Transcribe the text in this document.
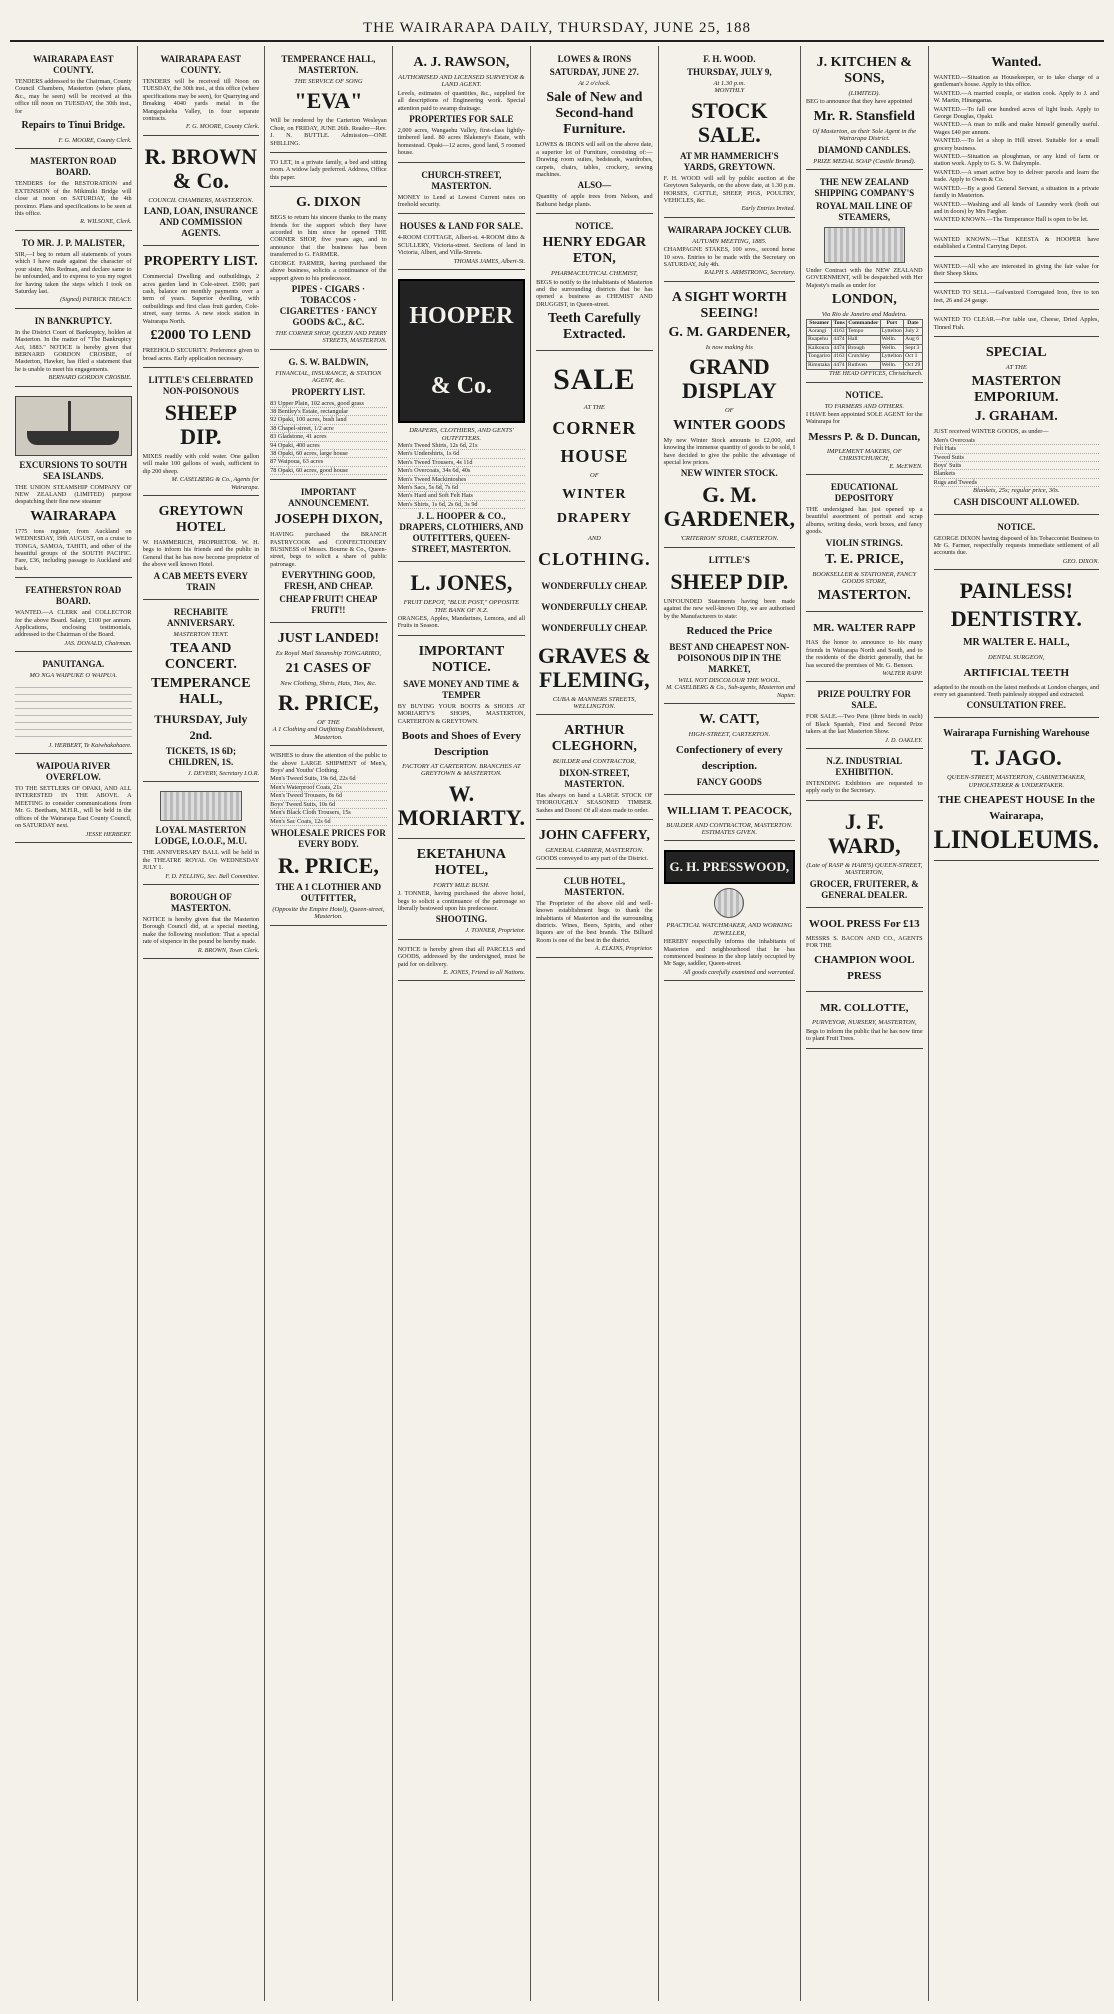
THE WAIRARAPA DAILY, THURSDAY, JUNE 25, 188
WAIRARAPA EAST COUNTY.
TENDERS addressed to the Chairman, County Council Chambers, Masterton (where plans, &c., may be seen) will be received at this office till noon on TUESDAY, the 30th inst., for
Repairs to Tinui Bridge.
F. G. MOORE, County Clerk.
MASTERTON ROAD BOARD.
TENDERS for the RESTORATION and EXTENSION of the Mikimiki Bridge will close at noon on SATURDAY, the 4th proximo. Plans and specifications to be seen at this office.
R. WILSONE, Clerk.
TO MR. J. P. MALISTER,
SIR,—I beg to return all statements of yours which I have made against the character of your sister, Mrs Redman, and declare same to be unfounded, and to express to you my regret for having taken the steps which I took on Saturday last.
(Signed) PATRICK TREACY.
IN BANKRUPTCY.
In the District Court of Bankruptcy, holden at Masterton. In the matter of "The Bankruptcy Act, 1883." NOTICE is hereby given that BERNARD GORDON CROSBIE, of Masterton, Hawker, has filed a statement that he is unable to meet his engagements.
BERNARD GORDON CROSBIE.
EXCURSIONS TO SOUTH SEA ISLANDS.
THE UNION STEAMSHIP COMPANY OF NEW ZEALAND (LIMITED) purpose despatching their fine new steamer
WAIRARAPA
1775 tons register, from Auckland on WEDNESDAY, 19th AUGUST, on a cruise to TONGA, SAMOA, TAHITI, and other of the beautiful groups of the SOUTH PACIFIC. Fare, £36, including passage to Auckland and back.
FEATHERSTON ROAD BOARD.
WANTED.—A CLERK and COLLECTOR for the above Board. Salary, £100 per annum. Applications, enclosing testimonials, addressed to the Chairman of the Board.
JAS. DONALD, Chairman.
PANUITANGA.
MO NGA WAIPUKE O WAIPUA.
J. HERBERT, Te Kaiwhakahaere.
WAIPOUA RIVER OVERFLOW.
TO THE SETTLERS OF OPAKI, AND ALL INTERESTED IN THE ABOVE. A MEETING to consider communications from Mr. G. Beetham, M.H.R., will be held in the offices of the Wairarapa East County Council, on SATURDAY next.
JESSE HERBERT.
WAIRARAPA EAST COUNTY.
TENDERS will be received till Noon on TUESDAY, the 30th inst., at this office (where specifications may be seen), for Quarrying and Breaking 4040 yards metal in the Mangapakeha Valley, in four separate contracts.
F. G. MOORE, County Clerk.
R. BROWN & Co.
COUNCIL CHAMBERS, MASTERTON.
LAND, LOAN, INSURANCE AND COMMISSION AGENTS.
PROPERTY LIST.
Commercial Dwelling and outbuildings, 2 acres garden land in Cole-street. £500; part cash, balance on monthly payments over a term of years. Superior dwelling, with outbuildings and first class fruit garden, Cole-street, easy terms. A new stock station in Wairarapa North.
£2000 TO LEND
FREEHOLD SECURITY. Preference given to broad acres. Early application necessary.
LITTLE'S CELEBRATED NON-POISONOUS
SHEEP DIP.
MIXES readily with cold water. One gallon will make 100 gallons of wash, sufficient to dip 200 sheep.
M. CASELBERG & Co., Agents for Wairarapa.
GREYTOWN HOTEL
W. HAMMERICH, PROPRIETOR. W. H. begs to inform his friends and the public in General that he has now become proprietor of the above well known Hotel.
A CAB MEETS EVERY TRAIN
RECHABITE ANNIVERSARY.
MASTERTON TENT.
TEA AND CONCERT.
TEMPERANCE HALL,
THURSDAY, July 2nd.
TICKETS, 1S 6D; CHILDREN, 1S.
J. DEVERY, Secretary I.O.R.
LOYAL MASTERTON LODGE, I.O.O.F., M.U.
THE ANNIVERSARY BALL will be held in the THEATRE ROYAL On WEDNESDAY JULY 1.
F. D. FELLING, Sec. Ball Committee.
BOROUGH OF MASTERTON.
NOTICE is hereby given that the Masterton Borough Council did, at a special meeting, make the following resolution: That a special rate of sixpence in the pound be hereby made.
R. BROWN, Town Clerk.
TEMPERANCE HALL, MASTERTON.
THE SERVICE OF SONG
"EVA"
Will be rendered by the Carterton Wesleyan Choir, on FRIDAY, JUNE 26th. Reader—Rev. J. N. BUTTLE. Admission—ONE SHILLING.
TO LET, in a private family, a bed and sitting room. A widow lady preferred. Address, Office this paper.
G. DIXON
BEGS to return his sincere thanks to the many friends for the support which they have accorded to him since he opened THE CORNER SHOP, five years ago, and to announce that the business has been transferred to G. FARMER.
GEORGE FARMER, having purchased the above business, solicits a continuance of the support given to his predecessor.
PIPES · CIGARS · TOBACCOS · CIGARETTES · FANCY GOODS &C., &C.
THE CORNER SHOP, QUEEN AND PERRY STREETS, MASTERTON.
G. S. W. BALDWIN,
FINANCIAL, INSURANCE, & STATION AGENT, &c.
PROPERTY LIST.
83 Upper Plain, 102 acres, good grass
38 Bentley's Estate, rectangular
92 Opaki, 100 acres, bush land
38 Chapel-street, 1/2 acre
83 Gladstone, 41 acres
94 Opaki, 400 acres
38 Opaki, 60 acres, large house
87 Waipoua, 63 acres
78 Opaki, 60 acres, good house
IMPORTANT ANNOUNCEMENT.
JOSEPH DIXON,
HAVING purchased the BRANCH PASTRYCOOK and CONFECTIONERY BUSINESS of Messrs. Bourne & Co., Queen-street, begs to solicit a share of public patronage.
EVERYTHING GOOD, FRESH, AND CHEAP.
CHEAP FRUIT! CHEAP FRUIT!!
JUST LANDED!
Ex Royal Mail Steamship TONGARIRO,
21 CASES OF
New Clothing, Shirts, Hats, Ties, &c.
R. PRICE,
OF THE
A 1 Clothing and Outfitting Establishment, Masterton.
WISHES to draw the attention of the public to the above LARGE SHIPMENT of Men's, Boys' and Youths' Clothing.
Men's Tweed Suits, 19s 6d, 22s 6d
Men's Waterproof Coats, 21s
Men's Tweed Trousers, 8s 6d
Boys' Tweed Suits, 10s 6d
Men's Black Cloth Trousers, 15s
Men's Sac Coats, 12s 6d
WHOLESALE PRICES FOR EVERY BODY.
R. PRICE,
THE A 1 CLOTHIER AND OUTFITTER,
(Opposite the Empire Hotel), Queen-street, Masterton.
A. J. RAWSON,
AUTHORISED AND LICENSED SURVEYOR & LAND AGENT.
Levels, estimates of quantities, &c., supplied for all descriptions of Engineering work. Special attention paid to swamp drainage.
PROPERTIES FOR SALE
2,000 acres, Wangaehu Valley, first-class lightly-timbered land. 80 acres Blakeney's Estate, with homestead. Opaki—12 acres, good land, 5 roomed house.
CHURCH-STREET, MASTERTON.
MONEY to Lend at Lowest Current rates on freehold security.
HOUSES & LAND FOR SALE.
4-ROOM COTTAGE, Albert-st. 4-ROOM ditto & SCULLERY, Victoria-street. Sections of land in Victoria, Albert, and Villa-Streets.
THOMAS JAMES, Albert-St.
HOOPER & Co.
DRAPERS, CLOTHIERS, AND GENTS' OUTFITTERS.
Men's Tweed Shirts, 12s 6d, 21s
Men's Undershirts, 1s 6d
Men's Tweed Trousers, 4s 11d
Men's Overcoats, 34s 6d, 40s
Men's Tweed Mackintoshes
Men's Sacs, 5s 6d, 7s 6d
Men's Hard and Soft Felt Hats
Men's Shirts, 1s 6d, 2s 6d, 3s 9d
J. L. HOOPER & CO., DRAPERS, CLOTHIERS, AND OUTFITTERS, QUEEN-STREET, MASTERTON.
L. JONES,
FRUIT DEPOT, "BLUE POST," OPPOSITE THE BANK OF N.Z.
ORANGES, Apples, Mandarines, Lemons, and all Fruits in Season.
IMPORTANT NOTICE.
SAVE MONEY AND TIME & TEMPER
BY BUYING YOUR BOOTS & SHOES AT MORIARTY'S SHOPS, MASTERTON, CARTERTON & GREYTOWN.
Boots and Shoes of Every Description
FACTORY AT CARTERTON. BRANCHES AT GREYTOWN & MASTERTON.
W. MORIARTY.
EKETAHUNA HOTEL,
FORTY MILE BUSH.
J. TONNER, having purchased the above hotel, begs to solicit a continuance of the patronage so liberally bestowed upon his predecessor.
SHOOTING.
J. TONNER, Proprietor.
NOTICE is hereby given that all PARCELS and GOODS, addressed by the undersigned, must be paid for on delivery.
E. JONES, Friend to all Nations.
LOWES & IRONS
SATURDAY, JUNE 27.
At 2 o'clock.
Sale of New and Second-hand Furniture.
LOWES & IRONS will sell on the above date, a superior lot of Furniture, consisting of:— Drawing room suites, bedsteads, wardrobes, carpets, chairs, tables, crockery, sewing machines.
ALSO—
Quantity of apple trees from Nelson, and Bathurst hedge plants.
NOTICE.
HENRY EDGAR ETON,
PHARMACEUTICAL CHEMIST,
BEGS to notify to the inhabitants of Masterton and the surrounding districts that he has opened a business as CHEMIST AND DRUGGIST, in Queen-street.
Teeth Carefully Extracted.
SALE
AT THE
CORNER
HOUSE
OF
WINTER DRAPERY
AND
CLOTHING.
WONDERFULLY CHEAP.
WONDERFULLY CHEAP.
WONDERFULLY CHEAP.
GRAVES & FLEMING,
CUBA & MANNERS STREETS, WELLINGTON.
ARTHUR CLEGHORN,
BUILDER and CONTRACTOR,
DIXON-STREET, MASTERTON.
Has always on hand a LARGE STOCK OF THOROUGHLY SEASONED TIMBER. Sashes and Doors! Of all sizes made to order.
JOHN CAFFERY,
GENERAL CARRIER, MASTERTON.
GOODS conveyed to any part of the District.
CLUB HOTEL, MASTERTON.
The Proprietor of the above old and well-known establishment begs to thank the inhabitants of Masterton and the surrounding districts. Wines, Beers, Spirits, and other liquors are of the best brands. The Billiard Room is one of the best in the district.
A. ELKINS, Proprietor.
F. H. WOOD.
THURSDAY, JULY 9,
At 1.30 p.m.
MONTHLY
STOCK SALE.
AT MR HAMMERICH'S YARDS, GREYTOWN.
F. H. WOOD will sell by public auction at the Greytown Saleyards, on the above date, at 1.30 p.m. HORSES, CATTLE, SHEEP, PIGS, POULTRY, VEHICLES, &c.
Early Entries Invited.
WAIRARAPA JOCKEY CLUB.
AUTUMN MEETING, 1885.
CHAMPAGNE STAKES, 100 sovs., second horse 10 sovs. Entries to be made with the Secretary on SATURDAY, July 4th.
RALPH S. ARMSTRONG, Secretary.
A SIGHT WORTH SEEING!
G. M. GARDENER,
Is now making his
GRAND DISPLAY
OF
WINTER GOODS
My new Winter Stock amounts to £2,000, and knowing the immense quantity of goods to be sold, I have decided to give the public the advantage of special low prices.
NEW WINTER STOCK.
G. M. GARDENER,
'CRITERION' STORE, CARTERTON.
LITTLE'S
SHEEP DIP.
UNFOUNDED Statements having been made against the new well-known Dip, we are authorised by the Manufacturers to state:
Reduced the Price
BEST AND CHEAPEST NON-POISONOUS DIP IN THE MARKET,
WILL NOT DISCOLOUR THE WOOL.
M. CASELBERG & Co., Sub-agents, Masterton and Napier.
W. CATT,
HIGH-STREET, CARTERTON.
Confectionery of every description.
FANCY GOODS
WILLIAM T. PEACOCK,
BUILDER AND CONTRACTOR, MASTERTON.
ESTIMATES GIVEN.
G. H. PRESSWOOD,
PRACTICAL WATCHMAKER, AND WORKING JEWELLER,
HEREBY respectfully informs the inhabitants of Masterton and neighbourhood that he has commenced business in the shop lately occupied by Mr Sage, saddler, Queen-street.
All goods carefully examined and warranted.
J. KITCHEN & SONS,
(LIMITED).
BEG to announce that they have appointed
Mr. R. Stansfield
Of Masterton, as their Sole Agent in the Wairarapa District.
DIAMOND CANDLES.
PRIZE MEDAL SOAP (Castile Brand).
THE NEW ZEALAND SHIPPING COMPANY'S
ROYAL MAIL LINE OF STEAMERS,
Under Contract with the NEW ZEALAND GOVERNMENT, will be despatched with Her Majesty's mails as under for
LONDON,
Via Rio de Janeiro and Madeira.
Steamer	Tons	Commander	Port	Date
Aorangi	4163	Tempo	Lyttelton	July 2
Ruapehu	4474	Hall	Welln.	Aug 6
Kaikoura	4474	Brough	Welln.	Sept 3
Tongariro	4163	Crutchley	Lyttelton	Oct 1
Rimutaka	4474	Ruthven	Welln.	Oct 29
THE HEAD OFFICES, Christchurch.
NOTICE.
TO FARMERS AND OTHERS.
I HAVE been appointed SOLE AGENT for the Wairarapa for
Messrs P. & D. Duncan,
IMPLEMENT MAKERS, OF CHRISTCHURCH,
E. McEWEN.
EDUCATIONAL DEPOSITORY
THE undersigned has just opened up a beautiful assortment of portrait and scrap albums, writing desks, work boxes, and fancy goods.
VIOLIN STRINGS.
T. E. PRICE,
BOOKSELLER & STATIONER, FANCY GOODS STORE,
MASTERTON.
MR. WALTER RAPP
HAS the honor to announce to his many friends in Wairarapa North and South, and to the residents of the district generally, that he has secured the premises of Mr. G. Benson.
WALTER RAPP.
PRIZE POULTRY FOR SALE.
FOR SALE.—Two Pens (three birds in each) of Black Spanish, First and Second Prize takers at the last Masterton Show.
J. D. OAKLEY.
N.Z. INDUSTRIAL EXHIBITION.
INTENDING Exhibitors are requested to apply early to the Secretary.
J. F. WARD,
(Late of RASP & HAIR'S) QUEEN-STREET, MASTERTON,
GROCER, FRUITERER, & GENERAL DEALER.
WOOL PRESS For £13
MESSRS S. BACON AND CO., AGENTS FOR THE
CHAMPION WOOL PRESS
MR. COLLOTTE,
PURVEYOR, NURSERY, MASTERTON,
Begs to inform the public that he has now time to plant Fruit Trees.
Wanted.
WANTED.—Situation as Housekeeper, or to take charge of a gentleman's house. Apply to this office.
WANTED.—A married couple, or station cook. Apply to J. and W. Martin, Hinangarua.
WANTED.—To fall one hundred acres of light bush. Apply to George Douglas, Opaki.
WANTED.—A man to milk and make himself generally useful. Wages £40 per annum.
WANTED.—To let a shop in Hill street. Suitable for a small grocery business.
WANTED.—Situation as ploughman, or any kind of farm or station work. Apply to G. S. W. Dalrymple.
WANTED.—A smart active boy to deliver parcels and learn the trade. Apply to Owen & Co.
WANTED.—By a good General Servant, a situation in a private family in Masterton.
WANTED.—Washing and all kinds of Laundry work (both out and in doors) by Mrs Fargher.
WANTED KNOWN.—The Temperance Hall is open to be let.
WANTED KNOWN.—That KEESTA & HOOPER have established a Central Carrying Depot.
WANTED.—All who are interested in giving the fair value for their Sheep Skins.
WANTED TO SELL.—Galvanized Corrugated Iron, five to ten feet, 26 and 24 gauge.
WANTED TO CLEAR.—For table use, Cheese, Dried Apples, Tinned Fish.
SPECIAL
AT THE
MASTERTON EMPORIUM.
J. GRAHAM.
JUST received WINTER GOODS, as under—
Men's Overcoats
Felt Hats
Tweed Suits
Boys' Suits
Blankets
Rugs and Tweeds
Blankets, 25s; regular price, 30s.
CASH DISCOUNT ALLOWED.
NOTICE.
GEORGE DIXON having disposed of his Tobacconist Business to Mr G. Farmer, respectfully requests immediate settlement of all accounts due.
GEO. DIXON.
PAINLESS!
DENTISTRY.
MR WALTER E. HALL,
DENTAL SURGEON,
ARTIFICIAL TEETH
adapted to the mouth on the latest methods at London charges, and every set guaranteed. Teeth painlessly stopped and extracted.
CONSULTATION FREE.
Wairarapa Furnishing Warehouse
T. JAGO.
QUEEN-STREET, MASTERTON, CABINETMAKER, UPHOLSTERER & UNDERTAKER.
THE CHEAPEST HOUSE In the Wairarapa,
LINOLEUMS.
